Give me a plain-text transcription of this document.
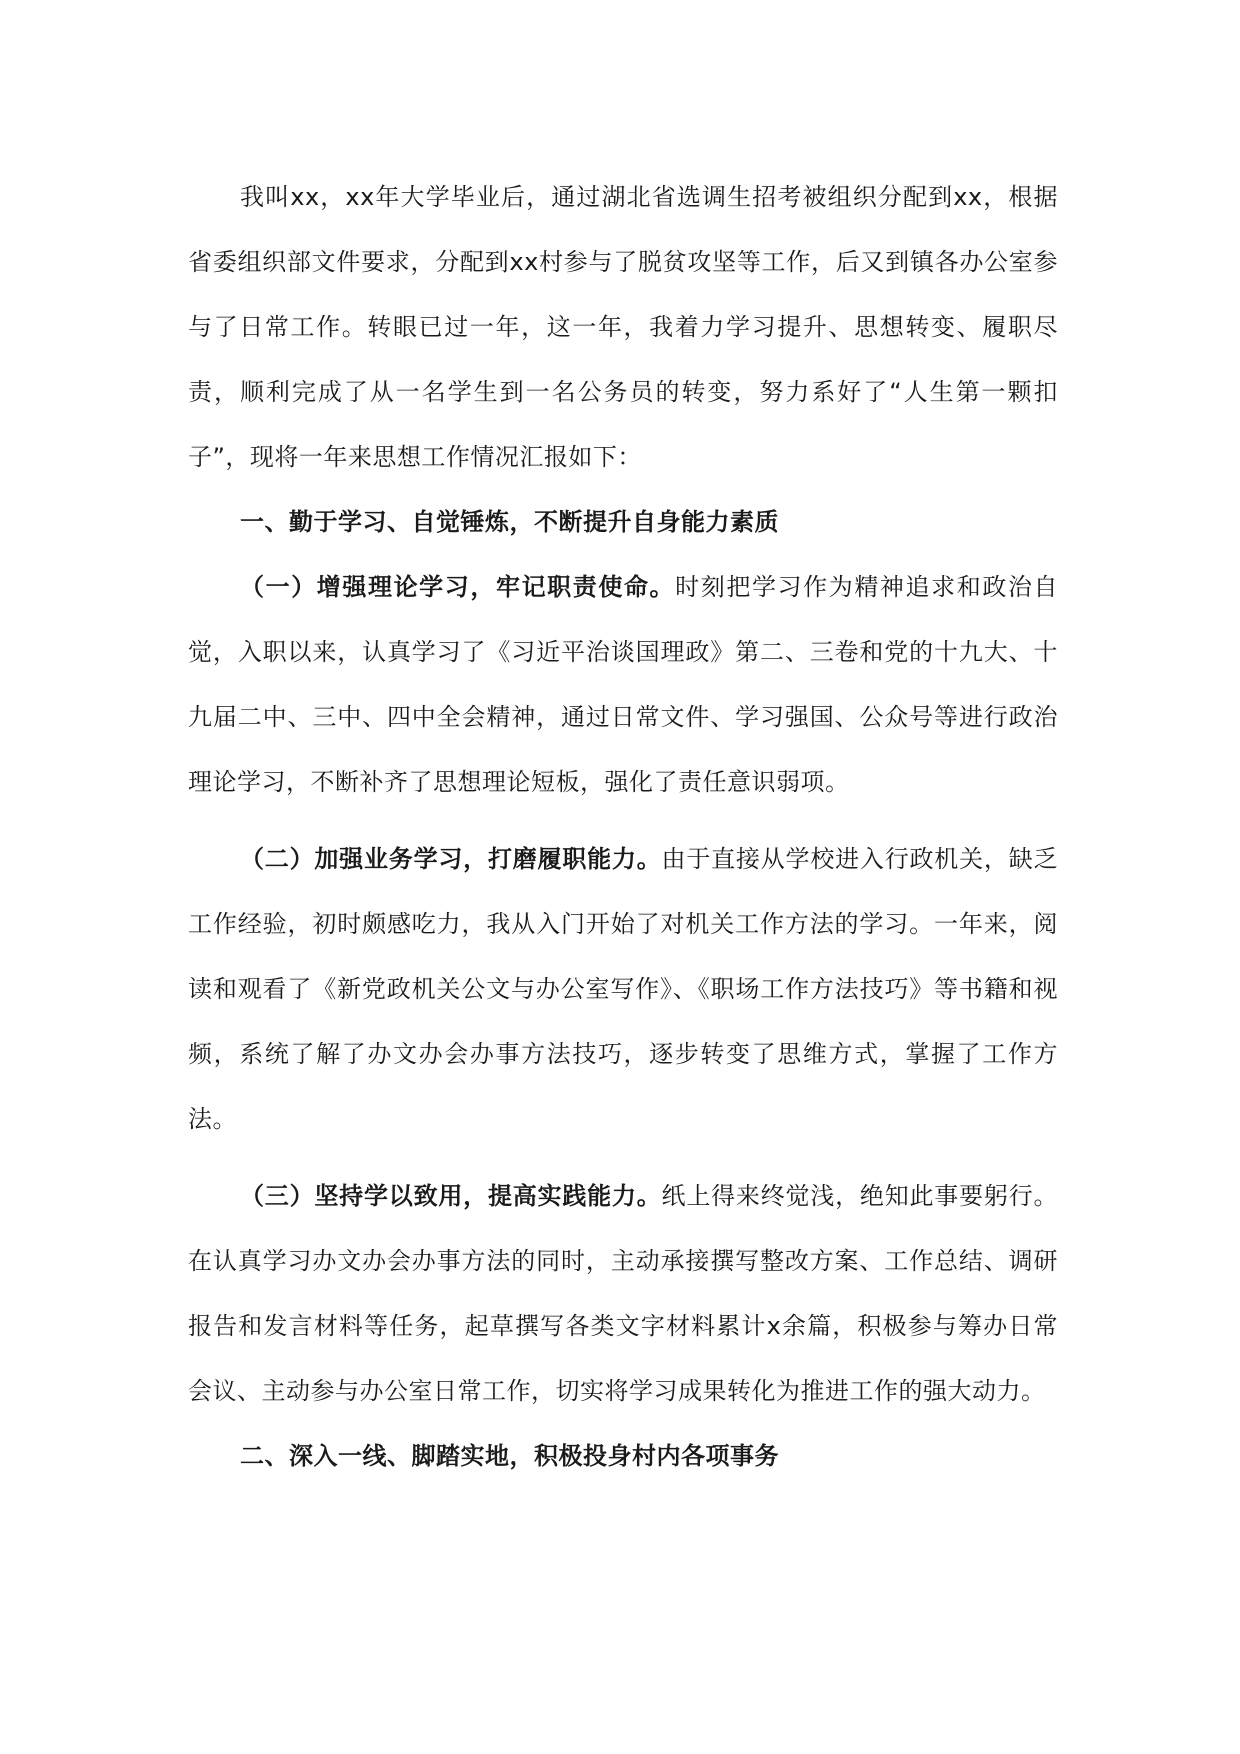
我叫xx，xx年大学毕业后，通过湖北省选调生招考被组织分配到xx，根据省委组织部文件要求，分配到xx村参与了脱贫攻坚等工作，后又到镇各办公室参与了日常工作。转眼已过一年，这一年，我着力学习提升、思想转变、履职尽责，顺利完成了从一名学生到一名公务员的转变，努力系好了“人生第一颗扣子”，现将一年来思想工作情况汇报如下：

一、勤于学习、自觉锤炼，不断提升自身能力素质

（一）增强理论学习，牢记职责使命。时刻把学习作为精神追求和政治自觉，入职以来，认真学习了《习近平治谈国理政》第二、三卷和党的十九大、十九届二中、三中、四中全会精神，通过日常文件、学习强国、公众号等进行政治理论学习，不断补齐了思想理论短板，强化了责任意识弱项。

（二）加强业务学习，打磨履职能力。由于直接从学校进入行政机关，缺乏工作经验，初时颇感吃力，我从入门开始了对机关工作方法的学习。一年来，阅读和观看了《新党政机关公文与办公室写作》、《职场工作方法技巧》等书籍和视频，系统了解了办文办会办事方法技巧，逐步转变了思维方式，掌握了工作方法。

（三）坚持学以致用，提高实践能力。纸上得来终觉浅，绝知此事要躬行。在认真学习办文办会办事方法的同时，主动承接撰写整改方案、工作总结、调研报告和发言材料等任务，起草撰写各类文字材料累计x余篇，积极参与筹办日常会议、主动参与办公室日常工作，切实将学习成果转化为推进工作的强大动力。

二、深入一线、脚踏实地，积极投身村内各项事务
